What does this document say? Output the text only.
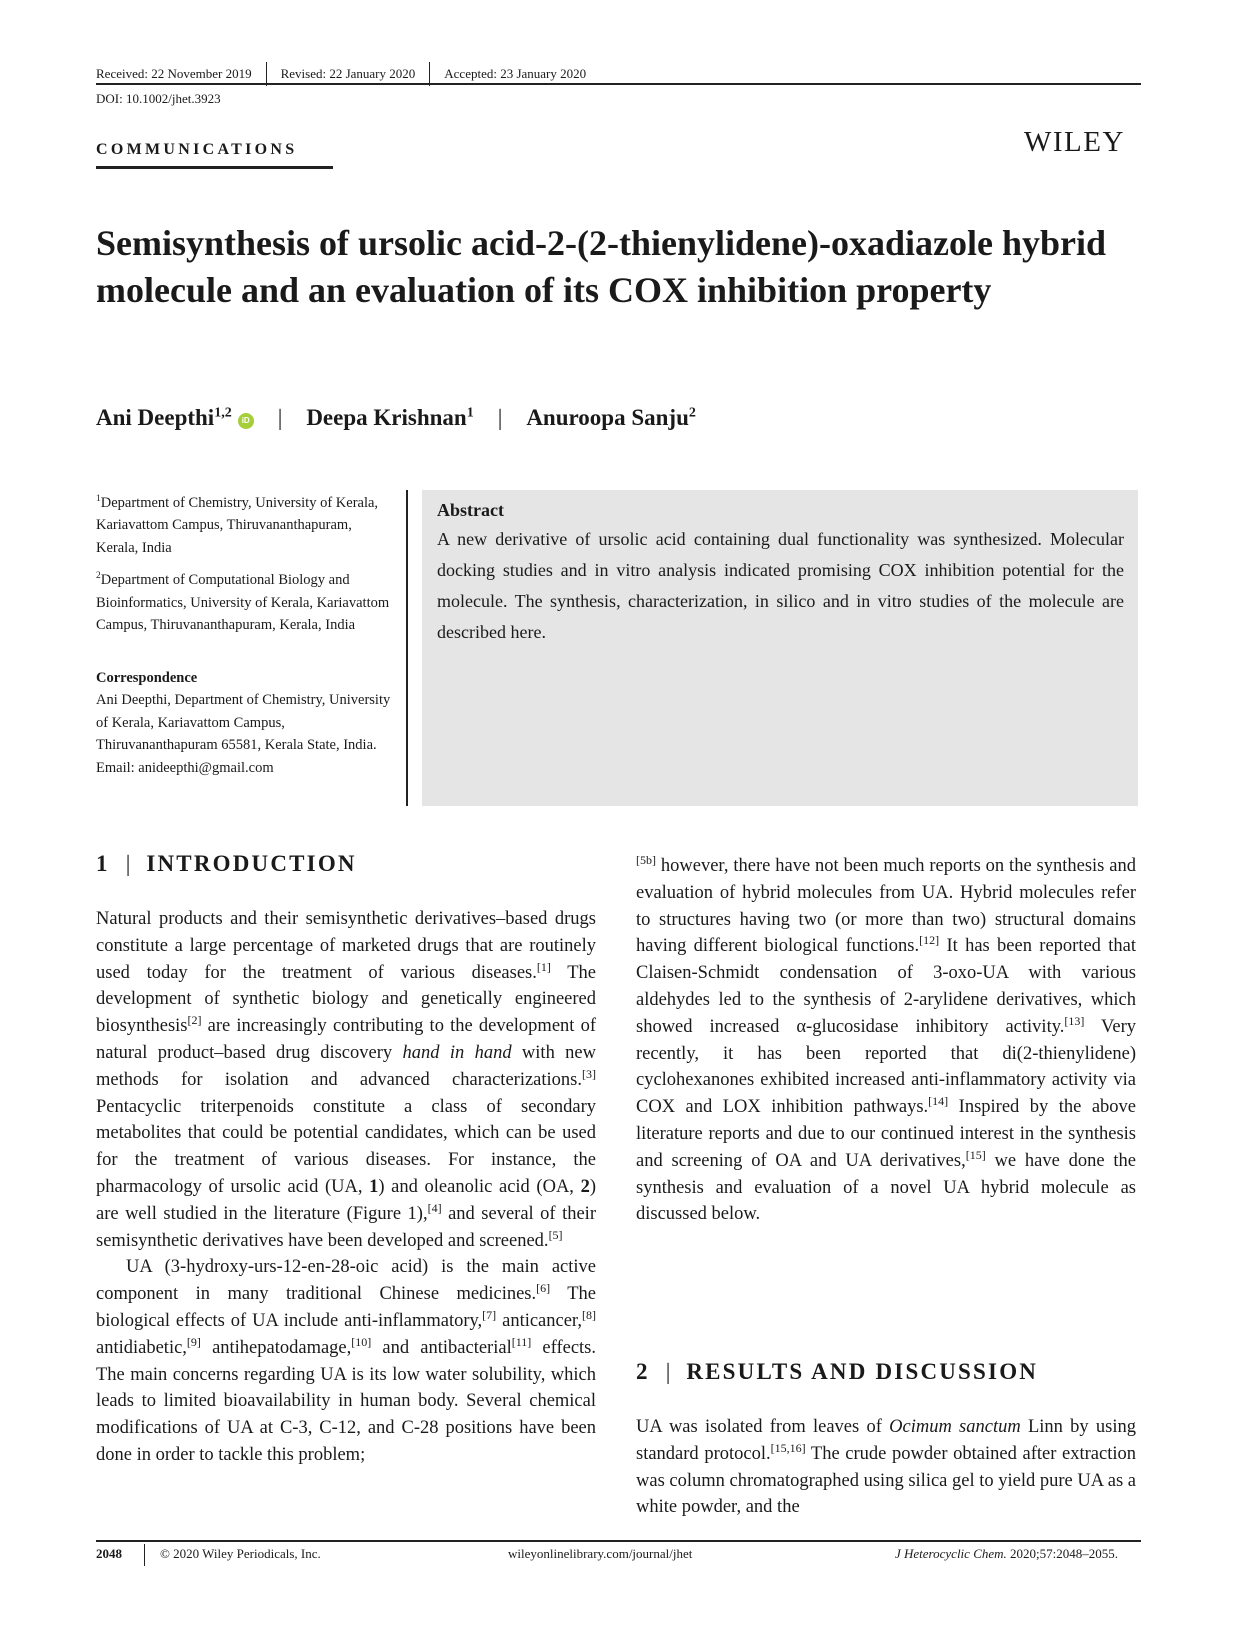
Received: 22 November 2019 Revised: 22 January 2020 Accepted: 23 January 2020
DOI: 10.1002/jhet.3923
COMMUNICATIONS	WILEY
Semisynthesis of ursolic acid-2-(2-thienylidene)-oxadiazole hybrid molecule and an evaluation of its COX inhibition property
Ani Deepthi$^{1,2}$
iD | Deepa Krishnan$^1$ | Anuroopa Sanju$^2$

$^1$Department of Chemistry, University of Kerala, Kariavattom Campus, Thiruvananthapuram, Kerala, India

$^2$Department of Computational Biology and Bioinformatics, University of Kerala, Kariavattom Campus, Thiruvananthapuram, Kerala, India

Correspondence

Ani Deepthi, Department of Chemistry, University of Kerala, Kariavattom Campus, Thiruvananthapuram 65581, Kerala State, India.
Email: anideepthi@gmail.com

Abstract

A new derivative of ursolic acid containing dual functionality was synthesized. Molecular docking studies and in vitro analysis indicated promising COX inhibition potential for the molecule. The synthesis, characterization, in silico and in vitro studies of the molecule are described here.

1 | INTRODUCTION

Natural products and their semisynthetic derivatives–based drugs constitute a large percentage of marketed drugs that are routinely used today for the treatment of various diseases.[1] The development of synthetic biology and genetically engineered biosynthesis[2] are increasingly contributing to the development of natural product–based drug discovery hand in hand with new methods for isolation and advanced characterizations.[3] Pentacyclic triterpenoids constitute a class of secondary metabolites that could be potential candidates, which can be used for the treatment of various diseases. For instance, the pharmacology of ursolic acid (UA, 1) and oleanolic acid (OA, 2) are well studied in the literature (Figure 1),[4] and several of their semisynthetic derivatives have been developed and screened.[5]

UA (3-hydroxy-urs-12-en-28-oic acid) is the main active component in many traditional Chinese medicines.[6] The biological effects of UA include anti-inflammatory,[7] anticancer,[8] antidiabetic,[9] antihepatodamage,[10] and antibacterial[11] effects. The main concerns regarding UA is its low water solubility, which leads to limited bioavailability in human body. Several chemical modifications of UA at C-3, C-12, and C-28 positions have been done in order to tackle this problem;

[5b] however, there have not been much reports on the synthesis and evaluation of hybrid molecules from UA. Hybrid molecules refer to structures having two (or more than two) structural domains having different biological functions.[12] It has been reported that Claisen-Schmidt condensation of 3-oxo-UA with various aldehydes led to the synthesis of 2-arylidene derivatives, which showed increased α-glucosidase inhibitory activity.[13] Very recently, it has been reported that di(2-thienylidene) cyclohexanones exhibited increased anti-inflammatory activity via COX and LOX inhibition pathways.[14] Inspired by the above literature reports and due to our continued interest in the synthesis and screening of OA and UA derivatives,[15] we have done the synthesis and evaluation of a novel UA hybrid molecule as discussed below.

2 | RESULTS AND DISCUSSION

UA was isolated from leaves of Ocimum sanctum Linn by using standard protocol.[15,16] The crude powder obtained after extraction was column chromatographed using silica gel to yield pure UA as a white powder, and the

2048	© 2020 Wiley Periodicals, Inc.	wileyonlinelibrary.com/journal/jhet	J Heterocyclic Chem. 2020;57:2048–2055.
